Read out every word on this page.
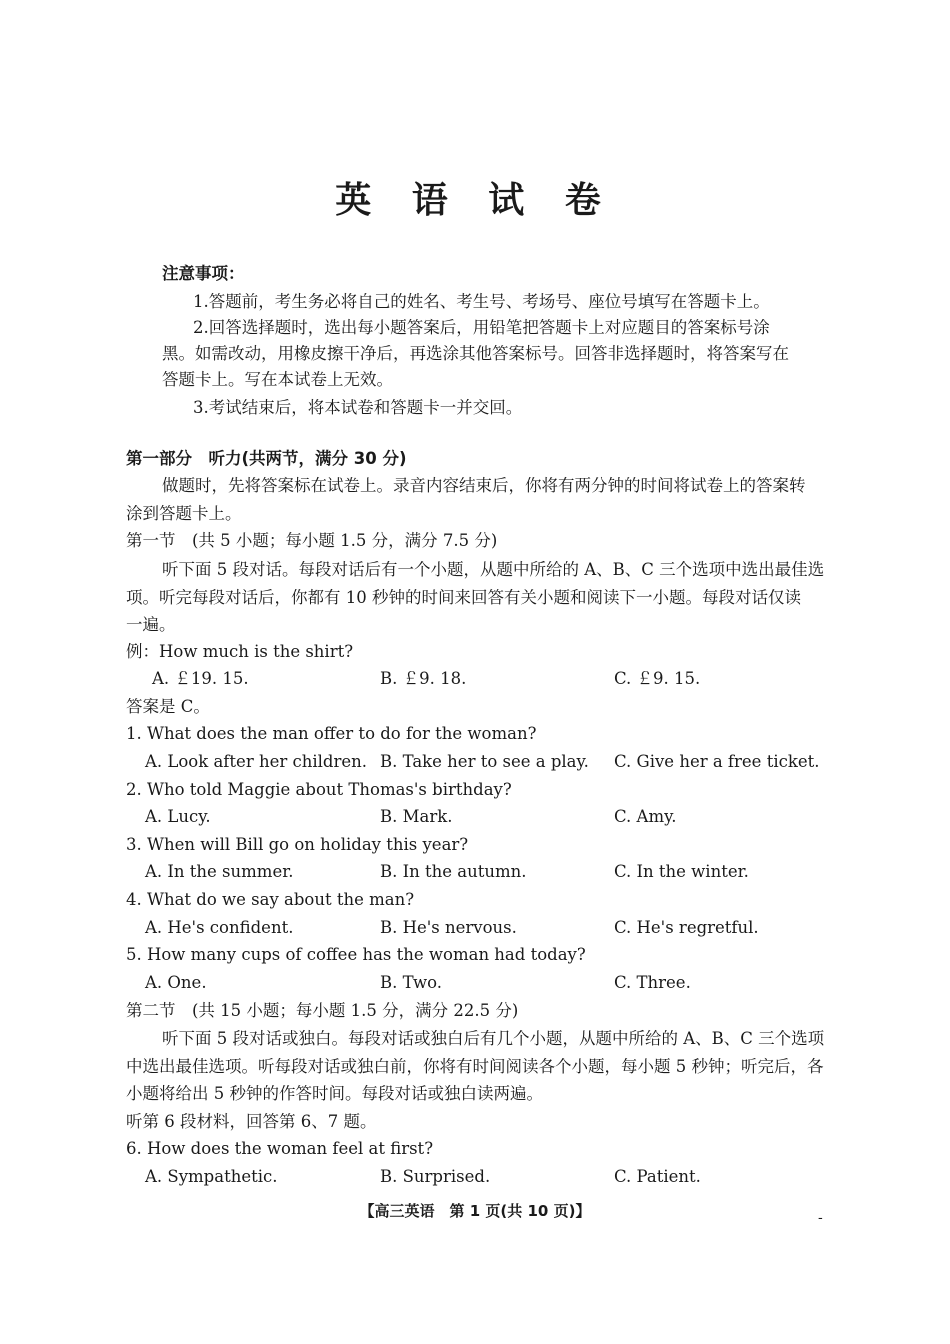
英 语 试 卷
注意事项：
1.答题前，考生务必将自己的姓名、考生号、考场号、座位号填写在答题卡上。
2.回答选择题时，选出每小题答案后，用铅笔把答题卡上对应题目的答案标号涂
黑。如需改动，用橡皮擦干净后，再选涂其他答案标号。回答非选择题时，将答案写在
答题卡上。写在本试卷上无效。
3.考试结束后，将本试卷和答题卡一并交回。
第一部分　听力(共两节，满分 30 分)
做题时，先将答案标在试卷上。录音内容结束后，你将有两分钟的时间将试卷上的答案转
涂到答题卡上。
第一节　(共 5 小题；每小题 1.5 分，满分 7.5 分)
听下面 5 段对话。每段对话后有一个小题，从题中所给的 A、B、C 三个选项中选出最佳选
项。听完每段对话后，你都有 10 秒钟的时间来回答有关小题和阅读下一小题。每段对话仅读
一遍。
例：How much is the shirt?
A. ￡19. 15.	B. ￡9. 18.	C. ￡9. 15.
答案是 C。
1. What does the man offer to do for the woman?
A. Look after her children. B. Take her to see a play. C. Give her a free ticket.
2. Who told Maggie about Thomas's birthday?
A. Lucy.	B. Mark.	C. Amy.
3. When will Bill go on holiday this year?
A. In the summer.	B. In the autumn.	C. In the winter.
4. What do we say about the man?
A. He's confident.	B. He's nervous.	C. He's regretful.
5. How many cups of coffee has the woman had today?
A. One.	B. Two.	C. Three.
第二节　(共 15 小题；每小题 1.5 分，满分 22.5 分)
听下面 5 段对话或独白。每段对话或独白后有几个小题，从题中所给的 A、B、C 三个选项
中选出最佳选项。听每段对话或独白前，你将有时间阅读各个小题，每小题 5 秒钟；听完后，各
小题将给出 5 秒钟的作答时间。每段对话或独白读两遍。
听第 6 段材料，回答第 6、7 题。
6. How does the woman feel at first?
A. Sympathetic.	B. Surprised.	C. Patient.
【高三英语　第 1 页(共 10 页)】	-
